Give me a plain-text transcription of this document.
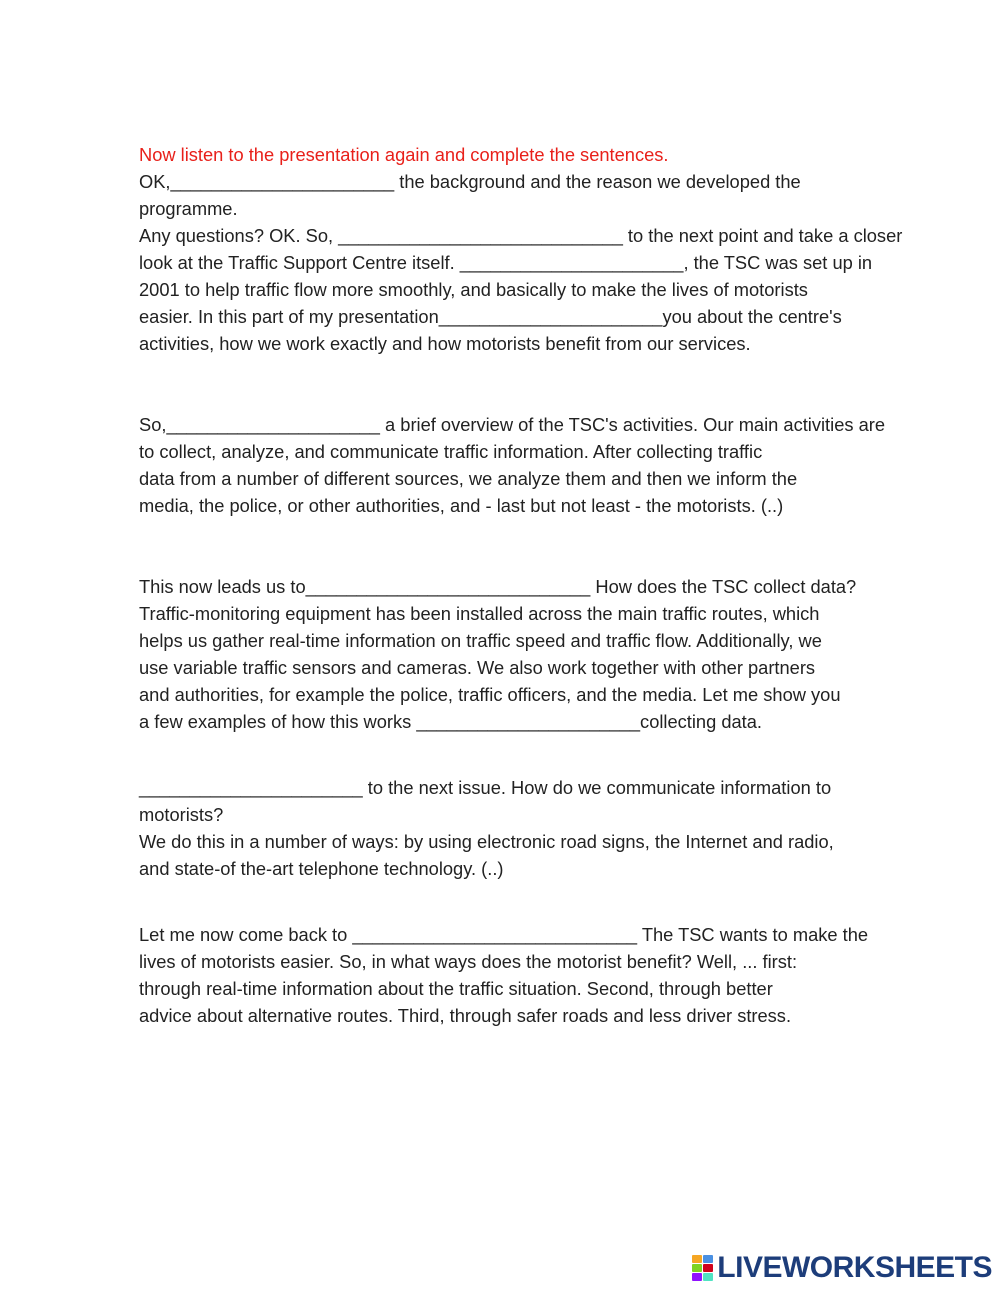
Now listen to the presentation again and complete the sentences.
OK,______________________ the background and the reason we developed the
programme.
Any questions? OK. So, ____________________________ to the next point and take a closer
look at the Traffic Support Centre itself. ______________________, the TSC was set up in
2001 to help traffic flow more smoothly, and basically to make the lives of motorists
easier. In this part of my presentation______________________you about the centre's
activities, how we work exactly and how motorists benefit from our services.
So,_____________________ a brief overview of the TSC's activities. Our main activities are
to collect, analyze, and communicate traffic information. After collecting traffic
data from a number of different sources, we analyze them and then we inform the
media, the police, or other authorities, and - last but not least - the motorists. (..)
This now leads us to____________________________ How does the TSC collect data?
Traffic-monitoring equipment has been installed across the main traffic routes, which
helps us gather real-time information on traffic speed and traffic flow. Additionally, we
use variable traffic sensors and cameras. We also work together with other partners
and authorities, for example the police, traffic officers, and the media. Let me show you
a few examples of how this works ______________________collecting data.
______________________ to the next issue. How do we communicate information to
motorists?
We do this in a number of ways: by using electronic road signs, the Internet and radio,
and state-of the-art telephone technology. (..)
Let me now come back to ____________________________ The TSC wants to make the
lives of motorists easier. So, in what ways does the motorist benefit? Well, ... first:
through real-time information about the traffic situation. Second, through better
advice about alternative routes. Third, through safer roads and less driver stress.
LIVEWORKSHEETS
